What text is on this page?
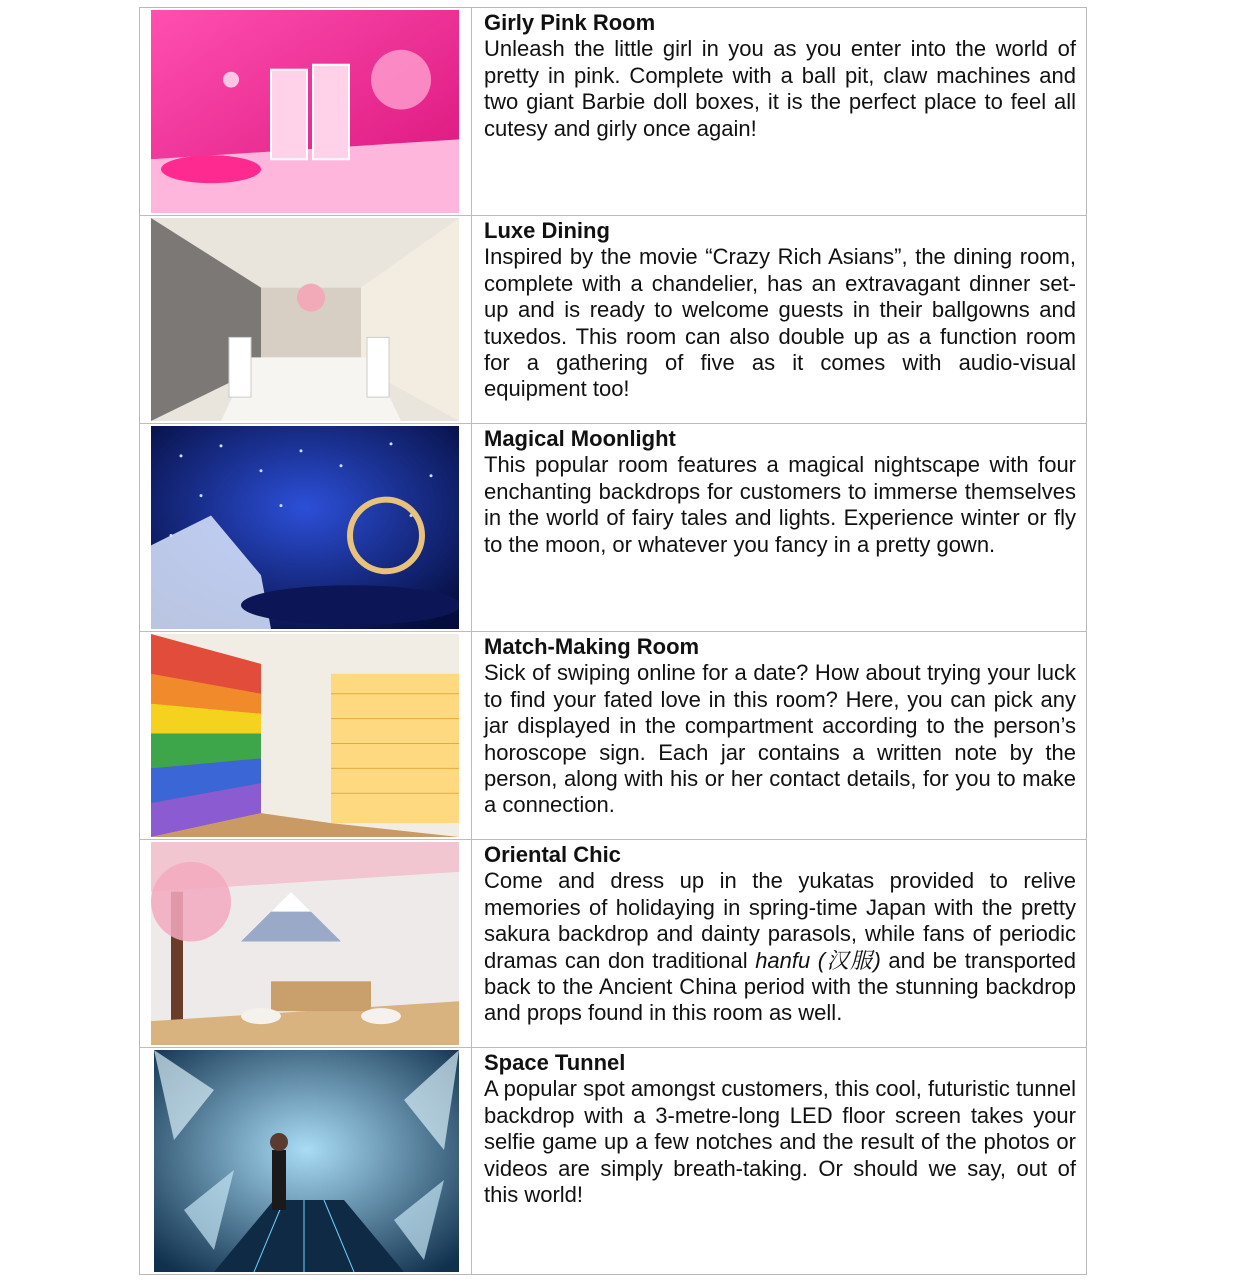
Girly Pink Room
Unleash the little girl in you as you enter into the world of pretty in pink. Complete with a ball pit, claw machines and two giant Barbie doll boxes, it is the perfect place to feel all cutesy and girly once again!
Luxe Dining
Inspired by the movie “Crazy Rich Asians”, the dining room, complete with a chandelier, has an extravagant dinner set-up and is ready to welcome guests in their ballgowns and tuxedos. This room can also double up as a function room for a gathering of five as it comes with audio-visual equipment too!
Magical Moonlight
This popular room features a magical nightscape with four enchanting backdrops for customers to immerse themselves in the world of fairy tales and lights. Experience winter or fly to the moon, or whatever you fancy in a pretty gown.
Match-Making Room
Sick of swiping online for a date? How about trying your luck to find your fated love in this room? Here, you can pick any jar displayed in the compartment according to the person’s horoscope sign. Each jar contains a written note by the person, along with his or her contact details, for you to make a connection.
Oriental Chic
Come and dress up in the yukatas provided to relive memories of holidaying in spring-time Japan with the pretty sakura backdrop and dainty parasols, while fans of periodic dramas can don traditional hanfu (汉服) and be transported back to the Ancient China period with the stunning backdrop and props found in this room as well.
Space Tunnel
A popular spot amongst customers, this cool, futuristic tunnel backdrop with a 3-metre-long LED floor screen takes your selfie game up a few notches and the result of the photos or videos are simply breath-taking. Or should we say, out of this world!
